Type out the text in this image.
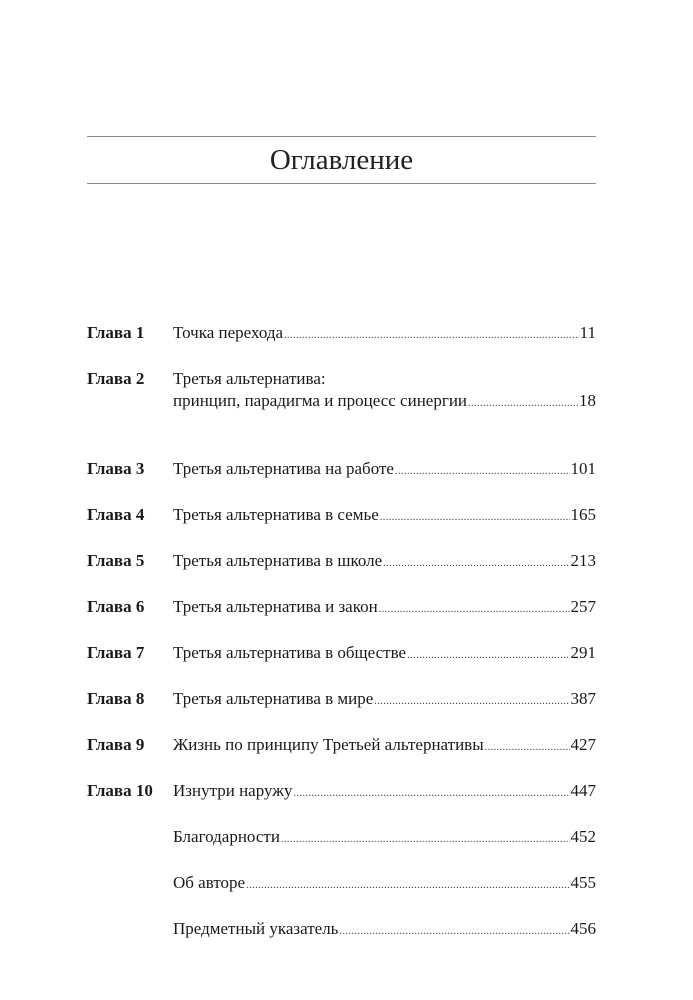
Оглавление
Глава 1 Точка перехода .....	11
Глава 2 Третья альтернатива:
принцип, парадигма и процесс синергии .....	18
Глава 3 Третья альтернатива на работе .....	101
Глава 4 Третья альтернатива в семье .....	165
Глава 5 Третья альтернатива в школе .....	213
Глава 6 Третья альтернатива и закон .....	257
Глава 7 Третья альтернатива в обществе .....	291
Глава 8 Третья альтернатива в мире .....	387
Глава 9 Жизнь по принципу Третьей альтернативы .....	427
Глава 10 Изнутри наружу .....	447
Благодарности .....	452
Об авторе .....	455
Предметный указатель .....	456
